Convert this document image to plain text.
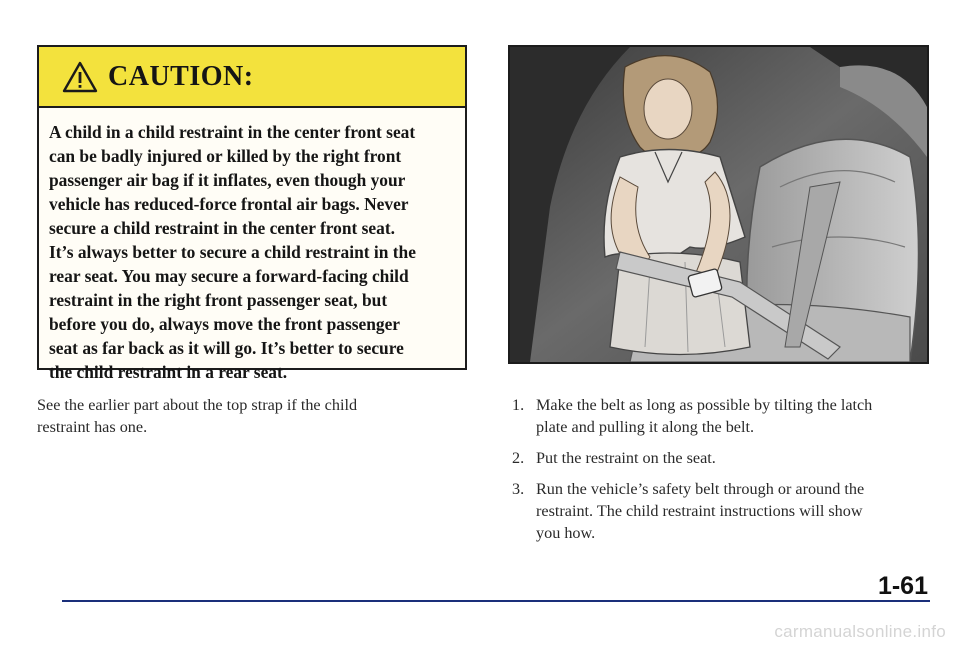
CAUTION:
A child in a child restraint in the center front seat
can be badly injured or killed by the right front
passenger air bag if it inflates, even though your
vehicle has reduced-force frontal air bags. Never
secure a child restraint in the center front seat.
It’s always better to secure a child restraint in the
rear seat. You may secure a forward-facing child
restraint in the right front passenger seat, but
before you do, always move the front passenger
seat as far back as it will go. It’s better to secure
the child restraint in a rear seat.
See the earlier part about the top strap if the child
restraint has one.
1. Make the belt as long as possible by tilting the latch
plate and pulling it along the belt.
2. Put the restraint on the seat.
3. Run the vehicle’s safety belt through or around the
restraint. The child restraint instructions will show
you how.
1-61
carmanualsonline.info
